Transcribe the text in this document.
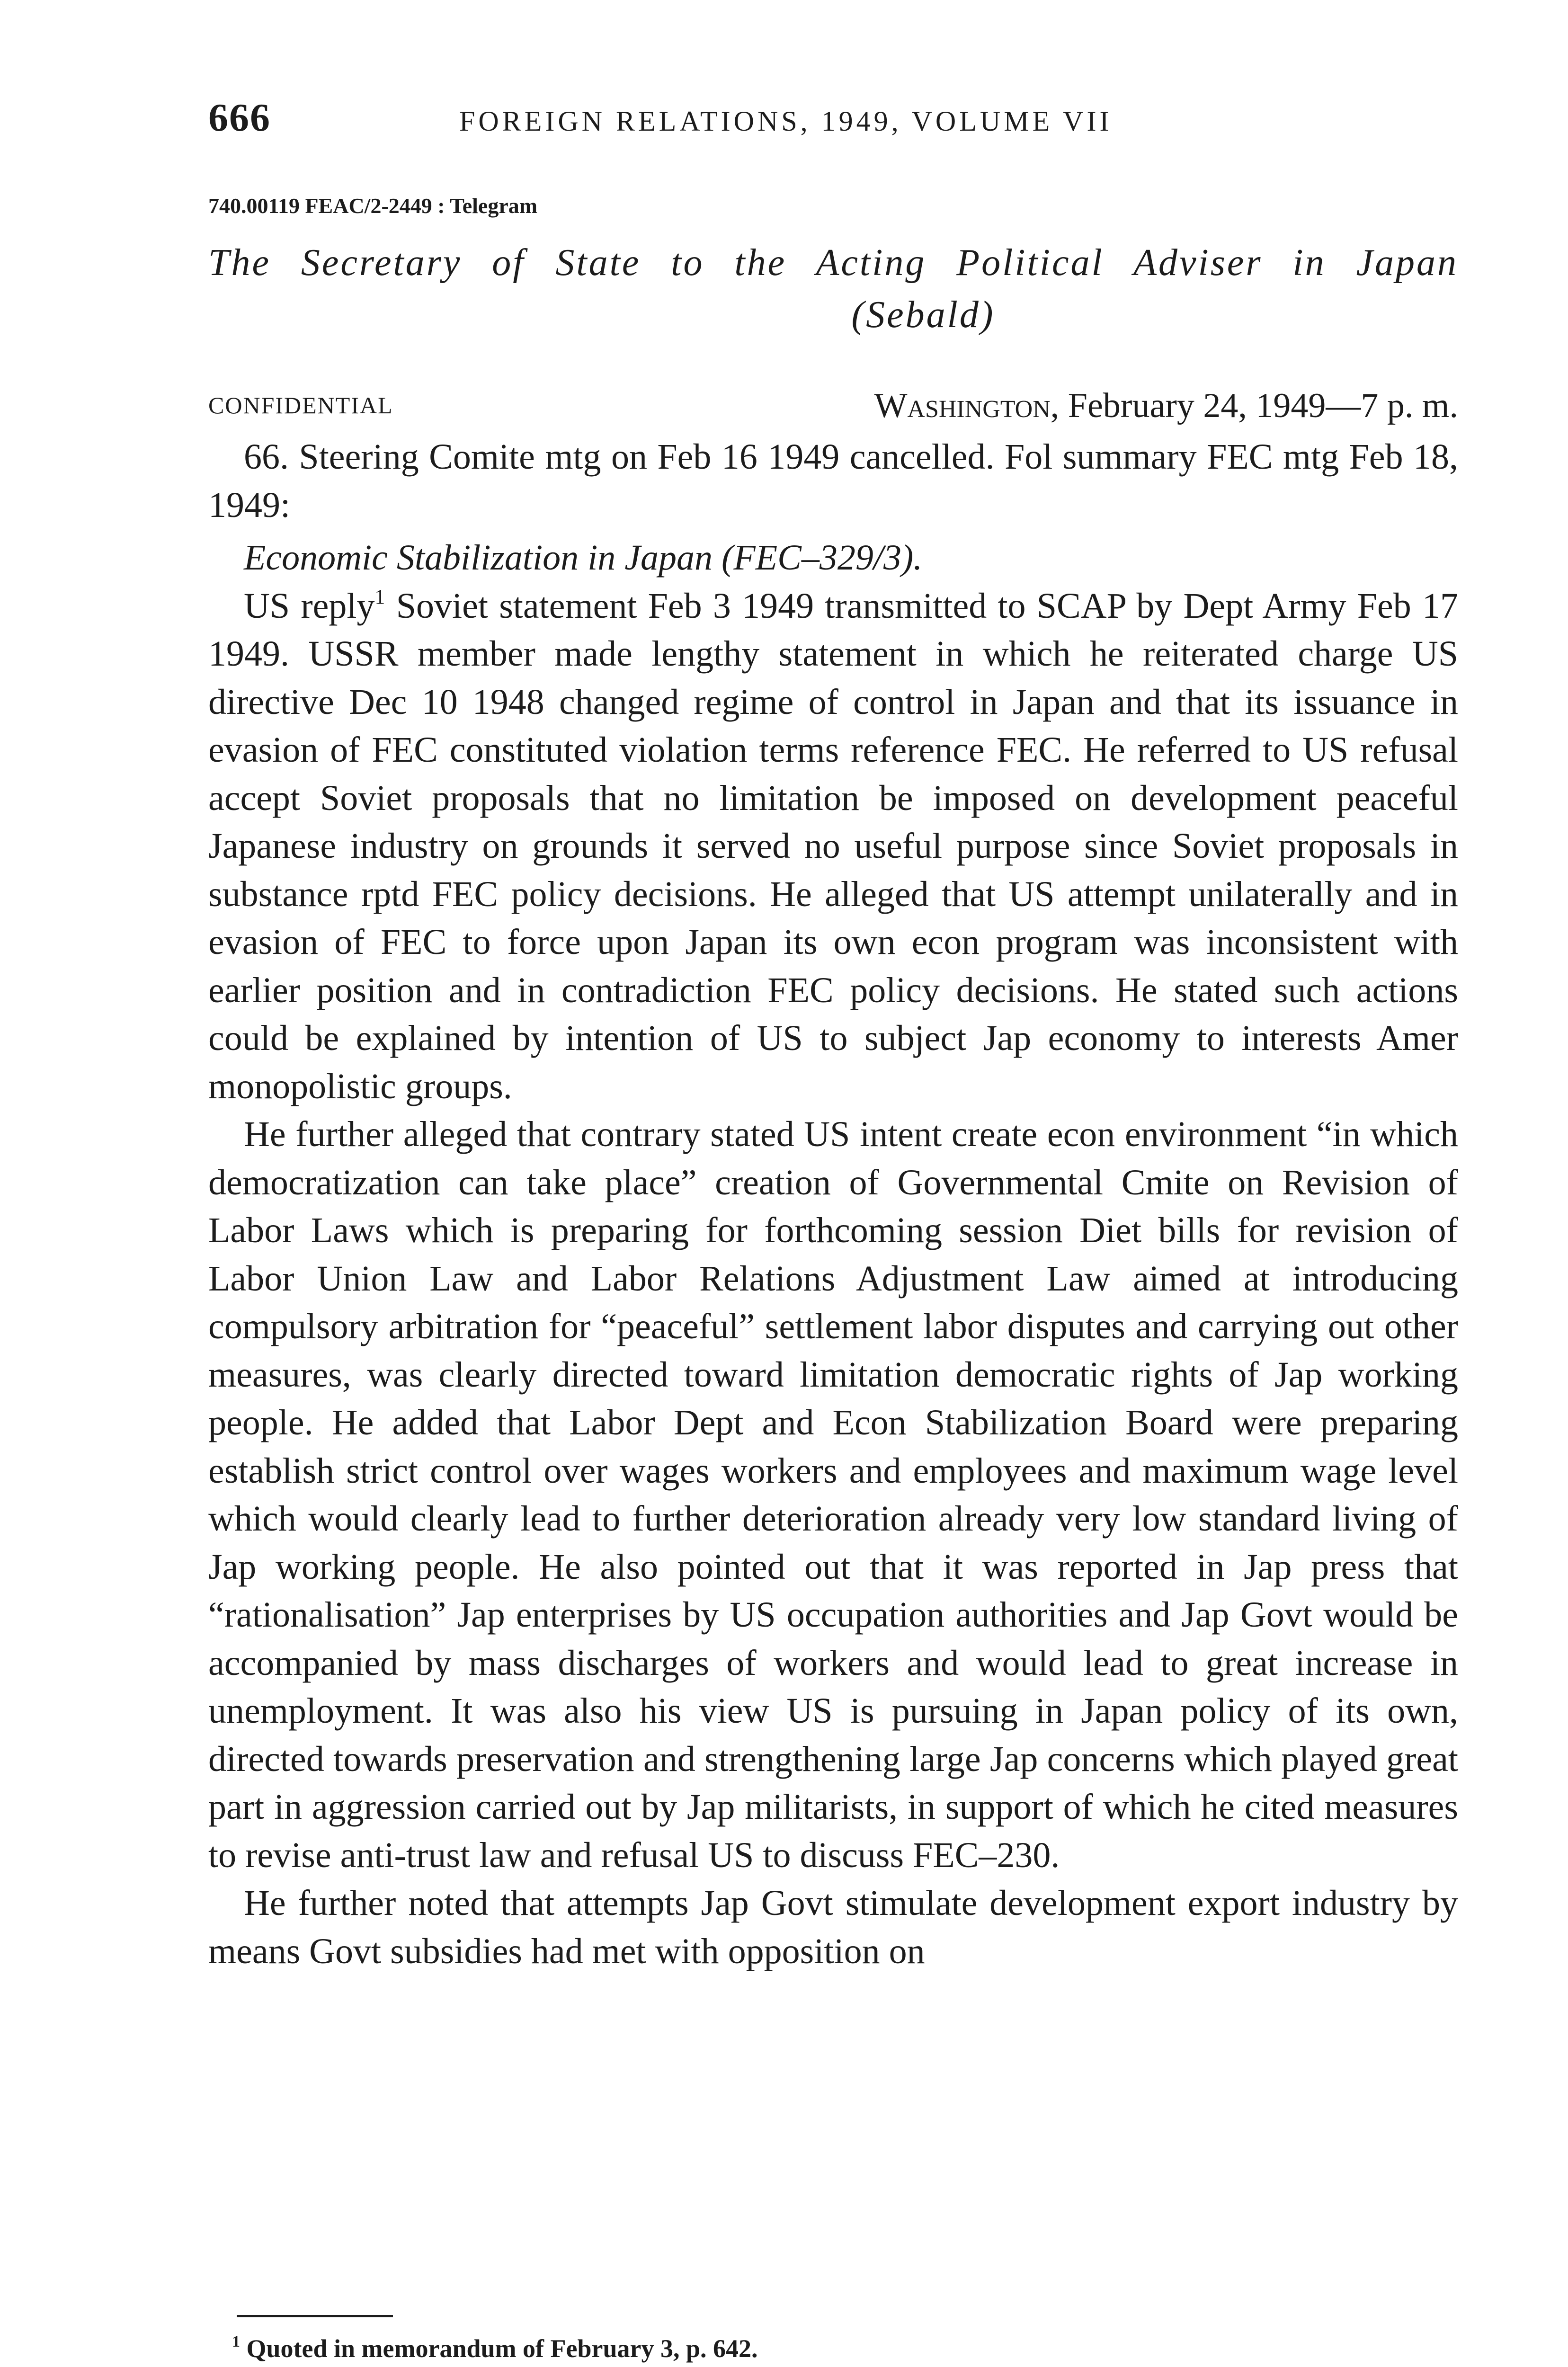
666	FOREIGN RELATIONS, 1949, VOLUME VII
740.00119 FEAC/2-2449 : Telegram
The Secretary of State to the Acting Political Adviser in Japan
(Sebald)
CONFIDENTIAL	Washington, February 24, 1949—7 p. m.

66. Steering Comite mtg on Feb 16 1949 cancelled. Fol summary FEC mtg Feb 18, 1949:

Economic Stabilization in Japan (FEC–329/3).

US reply$^1$ Soviet statement Feb 3 1949 transmitted to SCAP by Dept Army Feb 17 1949. USSR member made lengthy statement in which he reiterated charge US directive Dec 10 1948 changed regime of control in Japan and that its issuance in evasion of FEC constituted violation terms reference FEC. He referred to US refusal accept Soviet proposals that no limitation be imposed on development peaceful Japanese industry on grounds it served no useful purpose since Soviet proposals in substance rptd FEC policy decisions. He alleged that US attempt unilaterally and in evasion of FEC to force upon Japan its own econ program was inconsistent with earlier position and in contradiction FEC policy decisions. He stated such actions could be explained by intention of US to subject Jap economy to interests Amer monopolistic groups.

He further alleged that contrary stated US intent create econ environment “in which democratization can take place” creation of Governmental Cmite on Revision of Labor Laws which is preparing for forthcoming session Diet bills for revision of Labor Union Law and Labor Relations Adjustment Law aimed at introducing compulsory arbitration for “peaceful” settlement labor disputes and carrying out other measures, was clearly directed toward limitation democratic rights of Jap working people. He added that Labor Dept and Econ Stabilization Board were preparing establish strict control over wages workers and employees and maximum wage level which would clearly lead to further deterioration already very low standard living of Jap working people. He also pointed out that it was reported in Jap press that “rationalisation” Jap enterprises by US occupation authorities and Jap Govt would be accompanied by mass discharges of workers and would lead to great increase in unemployment. It was also his view US is pursuing in Japan policy of its own, directed towards preservation and strengthening large Jap concerns which played great part in aggression carried out by Jap militarists, in support of which he cited measures to revise anti-trust law and refusal US to discuss FEC–230.

He further noted that attempts Jap Govt stimulate development export industry by means Govt subsidies had met with opposition on

$^1$ Quoted in memorandum of February 3, p. 642.
